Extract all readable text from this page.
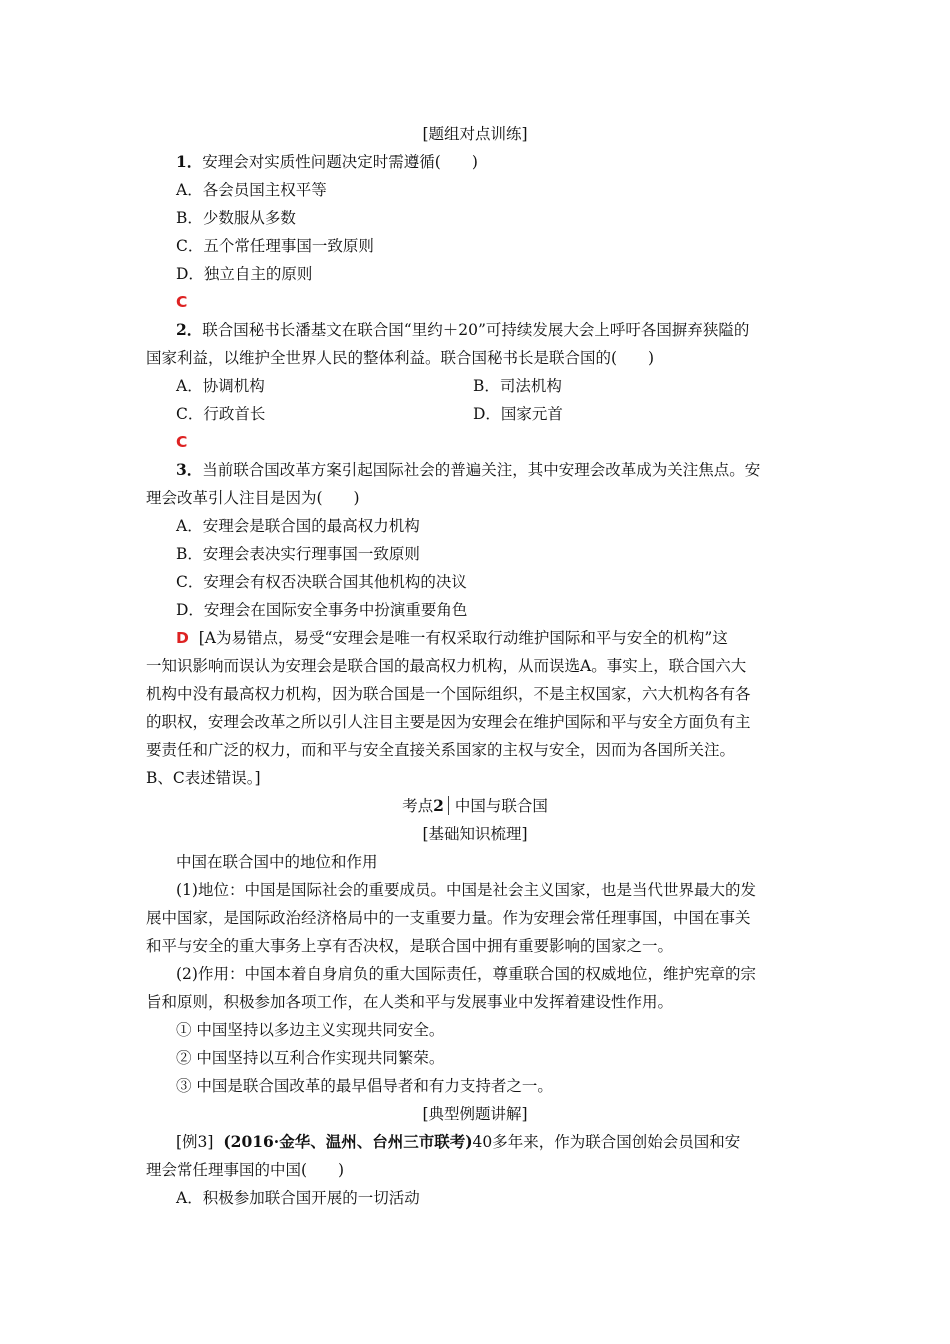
[题组对点训练]
1．安理会对实质性问题决定时需遵循(　　)
A．各会员国主权平等
B．少数服从多数
C．五个常任理事国一致原则
D．独立自主的原则
C
2．联合国秘书长潘基文在联合国“里约＋20”可持续发展大会上呼吁各国摒弃狭隘的
国家利益，以维护全世界人民的整体利益。联合国秘书长是联合国的(　　)
A．协调机构	B．司法机构
C．行政首长	D．国家元首
C
3．当前联合国改革方案引起国际社会的普遍关注，其中安理会改革成为关注焦点。安
理会改革引人注目是因为(　　)
A．安理会是联合国的最高权力机构
B．安理会表决实行理事国一致原则
C．安理会有权否决联合国其他机构的决议
D．安理会在国际安全事务中扮演重要角色
D [A为易错点，易受“安理会是唯一有权采取行动维护国际和平与安全的机构”这
一知识影响而误认为安理会是联合国的最高权力机构，从而误选A。事实上，联合国六大
机构中没有最高权力机构，因为联合国是一个国际组织，不是主权国家，六大机构各有各
的职权，安理会改革之所以引人注目主要是因为安理会在维护国际和平与安全方面负有主
要责任和广泛的权力，而和平与安全直接关系国家的主权与安全，因而为各国所关注。
B、C表述错误。]
考点2 中国与联合国
[基础知识梳理]
中国在联合国中的地位和作用
(1)地位：中国是国际社会的重要成员。中国是社会主义国家，也是当代世界最大的发
展中国家，是国际政治经济格局中的一支重要力量。作为安理会常任理事国，中国在事关
和平与安全的重大事务上享有否决权，是联合国中拥有重要影响的国家之一。
(2)作用：中国本着自身肩负的重大国际责任，尊重联合国的权威地位，维护宪章的宗
旨和原则，积极参加各项工作，在人类和平与发展事业中发挥着建设性作用。
① 中国坚持以多边主义实现共同安全。
② 中国坚持以互利合作实现共同繁荣。
③ 中国是联合国改革的最早倡导者和有力支持者之一。
[典型例题讲解]
[例3] (2016·金华、温州、台州三市联考)40多年来，作为联合国创始会员国和安
理会常任理事国的中国(　　)
A．积极参加联合国开展的一切活动
